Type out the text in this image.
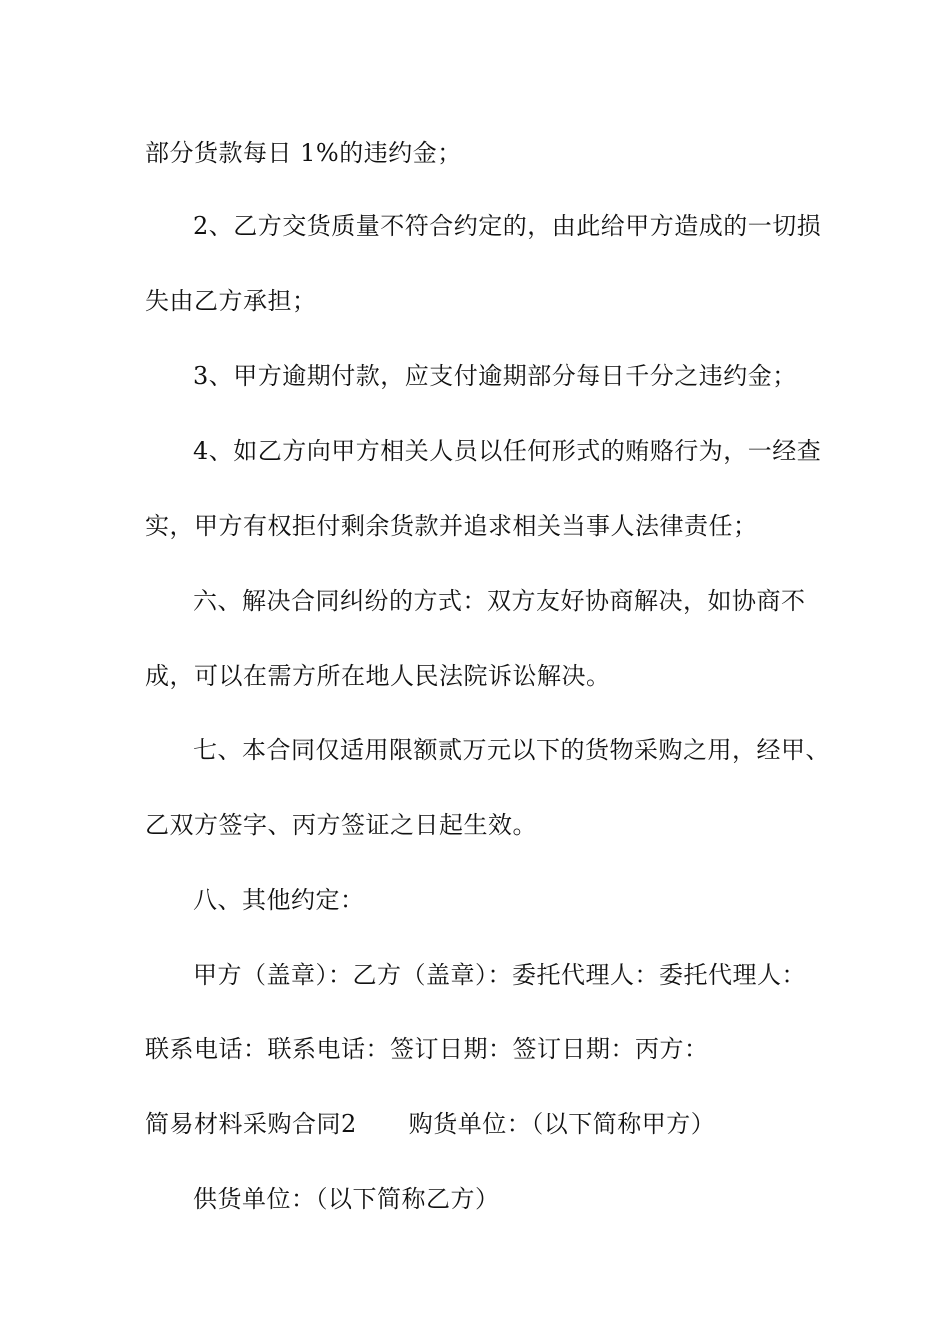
部分货款每日 1%的违约金；
2、乙方交货质量不符合约定的，由此给甲方造成的一切损
失由乙方承担；
3、甲方逾期付款，应支付逾期部分每日千分之违约金；
4、如乙方向甲方相关人员以任何形式的贿赂行为，一经查
实，甲方有权拒付剩余货款并追求相关当事人法律责任；
六、解决合同纠纷的方式：双方友好协商解决，如协商不
成，可以在需方所在地人民法院诉讼解决。
七、本合同仅适用限额贰万元以下的货物采购之用，经甲、
乙双方签字、丙方签证之日起生效。
八、其他约定：
甲方（盖章）：乙方（盖章）：委托代理人：委托代理人：
联系电话：联系电话：签订日期：签订日期：丙方：
简易材料采购合同2 购货单位：（以下简称甲方）
供货单位：（以下简称乙方）
